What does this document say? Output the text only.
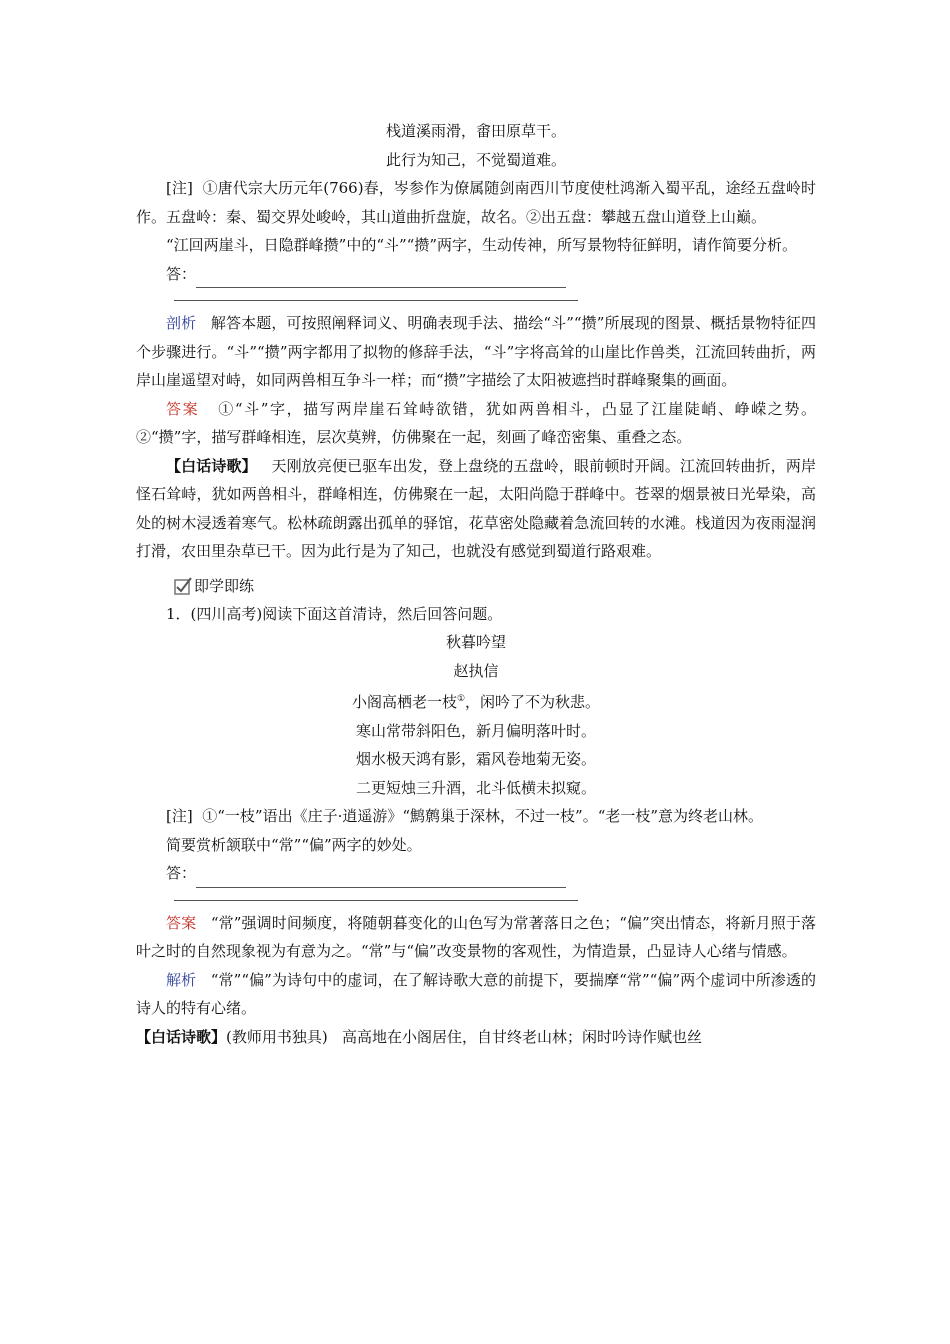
栈道溪雨滑，畬田原草干。
此行为知己，不觉蜀道难。

[注] ①唐代宗大历元年(766)春，岑参作为僚属随剑南西川节度使杜鸿渐入蜀平乱，途经五盘岭时作。五盘岭：秦、蜀交界处峻岭，其山道曲折盘旋，故名。②出五盘：攀越五盘山道登上山巅。

“江回两崖斗，日隐群峰攒”中的“斗”“攒”两字，生动传神，所写景物特征鲜明，请作简要分析。

答：

剖析 解答本题，可按照阐释词义、明确表现手法、描绘“斗”“攒”所展现的图景、概括景物特征四个步骤进行。“斗”“攒”两字都用了拟物的修辞手法，“斗”字将高耸的山崖比作兽类，江流回转曲折，两岸山崖遥望对峙，如同两兽相互争斗一样；而“攒”字描绘了太阳被遮挡时群峰聚集的画面。

答案 ①“斗”字，描写两岸崖石耸峙欲错，犹如两兽相斗，凸显了江崖陡峭、峥嵘之势。②“攒”字，描写群峰相连，层次莫辨，仿佛聚在一起，刻画了峰峦密集、重叠之态。

【白话诗歌】 天刚放亮便已驱车出发，登上盘绕的五盘岭，眼前顿时开阔。江流回转曲折，两岸怪石耸峙，犹如两兽相斗，群峰相连，仿佛聚在一起，太阳尚隐于群峰中。苍翠的烟景被日光晕染，高处的树木浸透着寒气。松林疏朗露出孤单的驿馆，花草密处隐藏着急流回转的水滩。栈道因为夜雨湿润打滑，农田里杂草已干。因为此行是为了知己，也就没有感觉到蜀道行路艰难。

即学即练

1．(四川高考)阅读下面这首清诗，然后回答问题。

秋暮吟望
赵执信
小阁高栖老一枝①，闲吟了不为秋悲。
寒山常带斜阳色，新月偏明落叶时。
烟水极天鸿有影，霜风卷地菊无姿。
二更短烛三升酒，北斗低横未拟窥。

[注] ①“一枝”语出《庄子·逍遥游》“鹪鹩巢于深林，不过一枝”。“老一枝”意为终老山林。

简要赏析颔联中“常”“偏”两字的妙处。

答：

答案 “常”强调时间频度，将随朝暮变化的山色写为常著落日之色；“偏”突出情态，将新月照于落叶之时的自然现象视为有意为之。“常”与“偏”改变景物的客观性，为情造景，凸显诗人心绪与情感。

解析 “常”“偏”为诗句中的虚词，在了解诗歌大意的前提下，要揣摩“常”“偏”两个虚词中所渗透的诗人的特有心绪。

【白话诗歌】(教师用书独具) 高高地在小阁居住，自甘终老山林；闲时吟诗作赋也丝
